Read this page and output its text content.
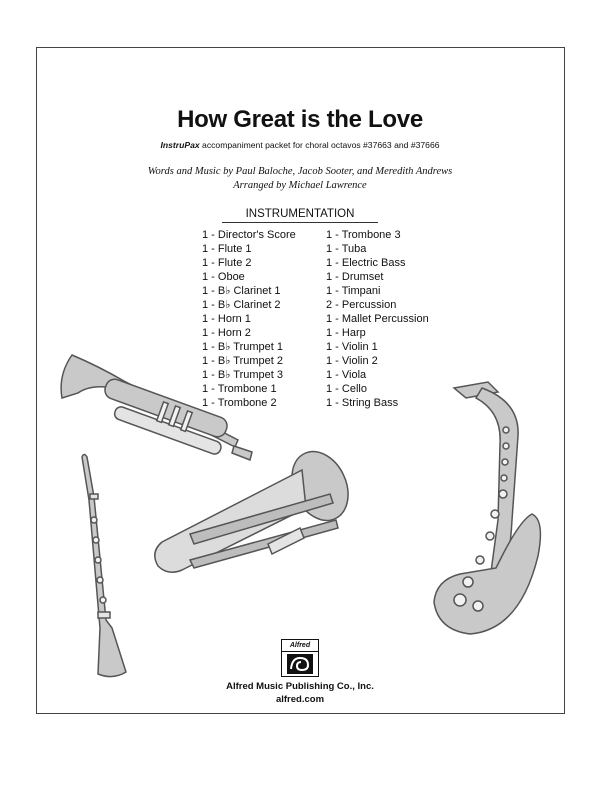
How Great is the Love
InstruPax accompaniment packet for choral octavos #37663 and #37666
Words and Music by Paul Baloche, Jacob Sooter, and Meredith Andrews
Arranged by Michael Lawrence
INSTRUMENTATION
1 - Director's Score
1 - Flute 1
1 - Flute 2
1 - Oboe
1 - B♭ Clarinet 1
1 - B♭ Clarinet 2
1 - Horn 1
1 - Horn 2
1 - B♭ Trumpet 1
1 - B♭ Trumpet 2
1 - B♭ Trumpet 3
1 - Trombone 1
1 - Trombone 2
1 - Trombone 3
1 - Tuba
1 - Electric Bass
1 - Drumset
1 - Timpani
2 - Percussion
1 - Mallet Percussion
1 - Harp
1 - Violin 1
1 - Violin 2
1 - Viola
1 - Cello
1 - String Bass
Alfred
Alfred Music Publishing Co., Inc.
alfred.com
